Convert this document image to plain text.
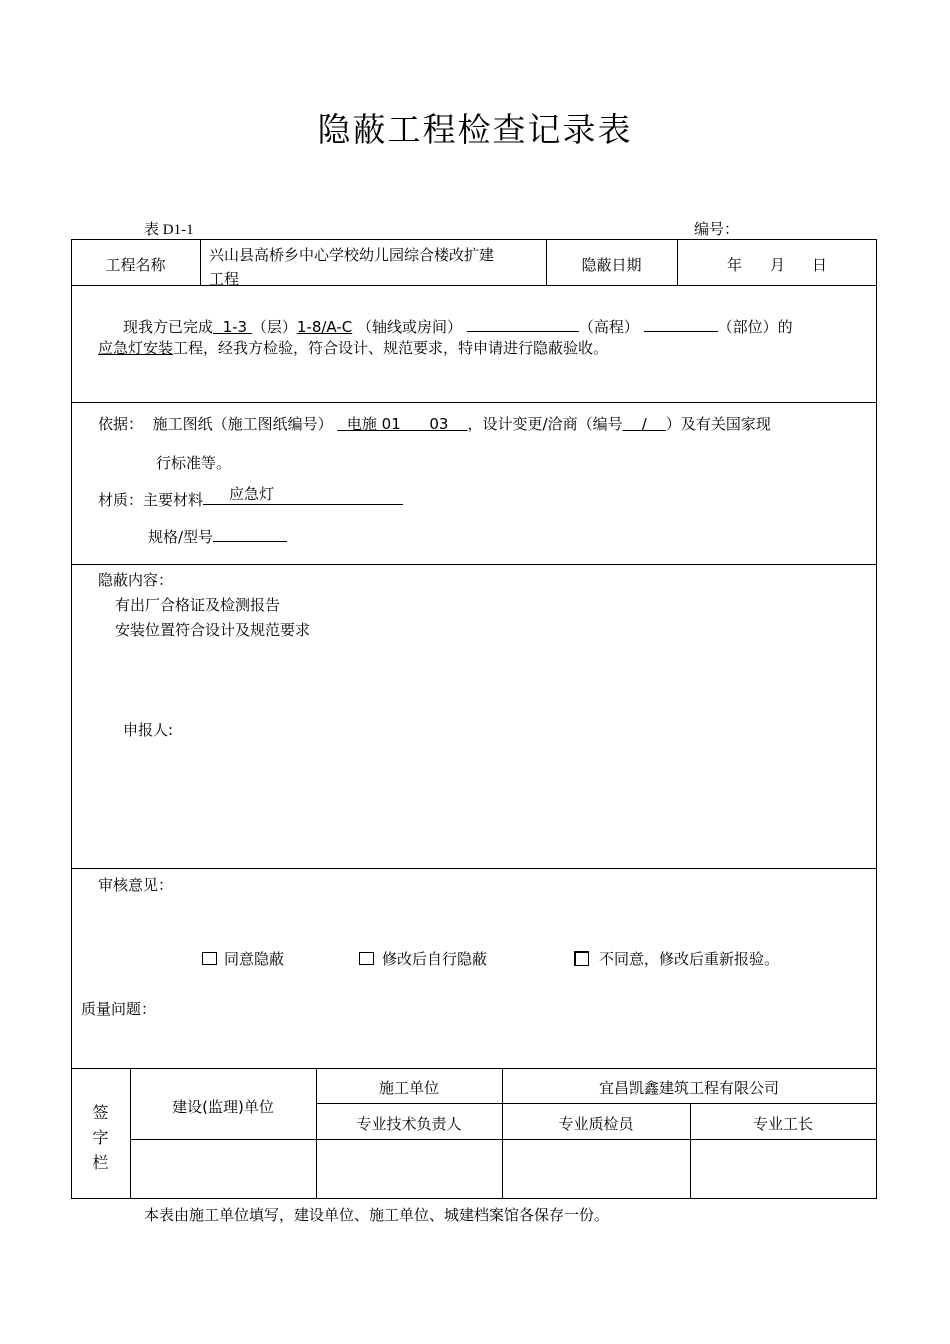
隐蔽工程检查记录表
表 D1-1	编号：
工程名称
兴山县高桥乡中心学校幼儿园综合楼改扩建
工程
隐蔽日期	年 月 日
现我方已完成 1-3 （层）1-8/A-C （轴线或房间）	（高程）	（部位）的
应急灯安装工程，经我方检验，符合设计、规范要求，特申请进行隐蔽验收。
依据： 施工图纸（施工图纸编号） 电施 01 03 ，设计变更/洽商（编号 / ）及有关国家现
行标准等。
材质：主要材料 应急灯
规格/型号
隐蔽内容：
有出厂合格证及检测报告
安装位置符合设计及规范要求
申报人:
审核意见：
同意隐蔽	修改后自行隐蔽	不同意，修改后重新报验。
质量问题：
签
字
栏
建设(监理)单位
施工单位	宜昌凯鑫建筑工程有限公司
专业技术负责人	专业质检员	专业工长
本表由施工单位填写，建设单位、施工单位、城建档案馆各保存一份。
